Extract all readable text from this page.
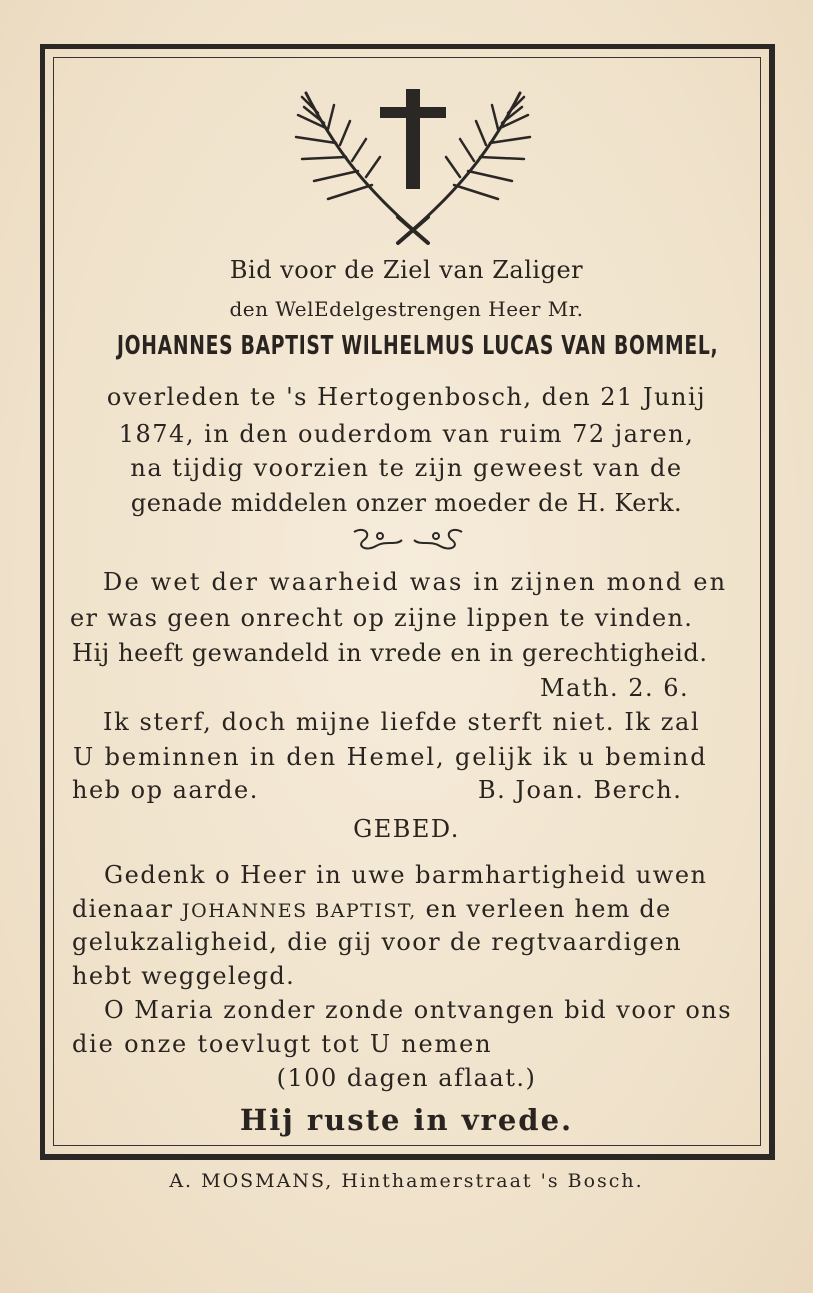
Bid voor de Ziel van Zaliger
den WelEdelgestrengen Heer Mr.
JOHANNES BAPTIST WILHELMUS LUCAS VAN BOMMEL,
overleden te 's Hertogenbosch, den 21 Junij
1874, in den ouderdom van ruim 72 jaren,
na tijdig voorzien te zijn geweest van de
genade middelen onzer moeder de H. Kerk.
De wet der waarheid was in zijnen mond en
er was geen onrecht op zijne lippen te vinden.
Hij heeft gewandeld in vrede en in gerechtigheid.
Math. 2. 6.
Ik sterf, doch mijne liefde sterft niet. Ik zal
U beminnen in den Hemel, gelijk ik u bemind
heb op aarde.	B. Joan. Berch.
GEBED.
Gedenk o Heer in uwe barmhartigheid uwen
dienaar JOHANNES BAPTIST, en verleen hem de
gelukzaligheid, die gij voor de regtvaardigen
hebt weggelegd.
O Maria zonder zonde ontvangen bid voor ons
die onze toevlugt tot U nemen
(100 dagen aflaat.)
Hij ruste in vrede.
A. MOSMANS, Hinthamerstraat 's Bosch.
